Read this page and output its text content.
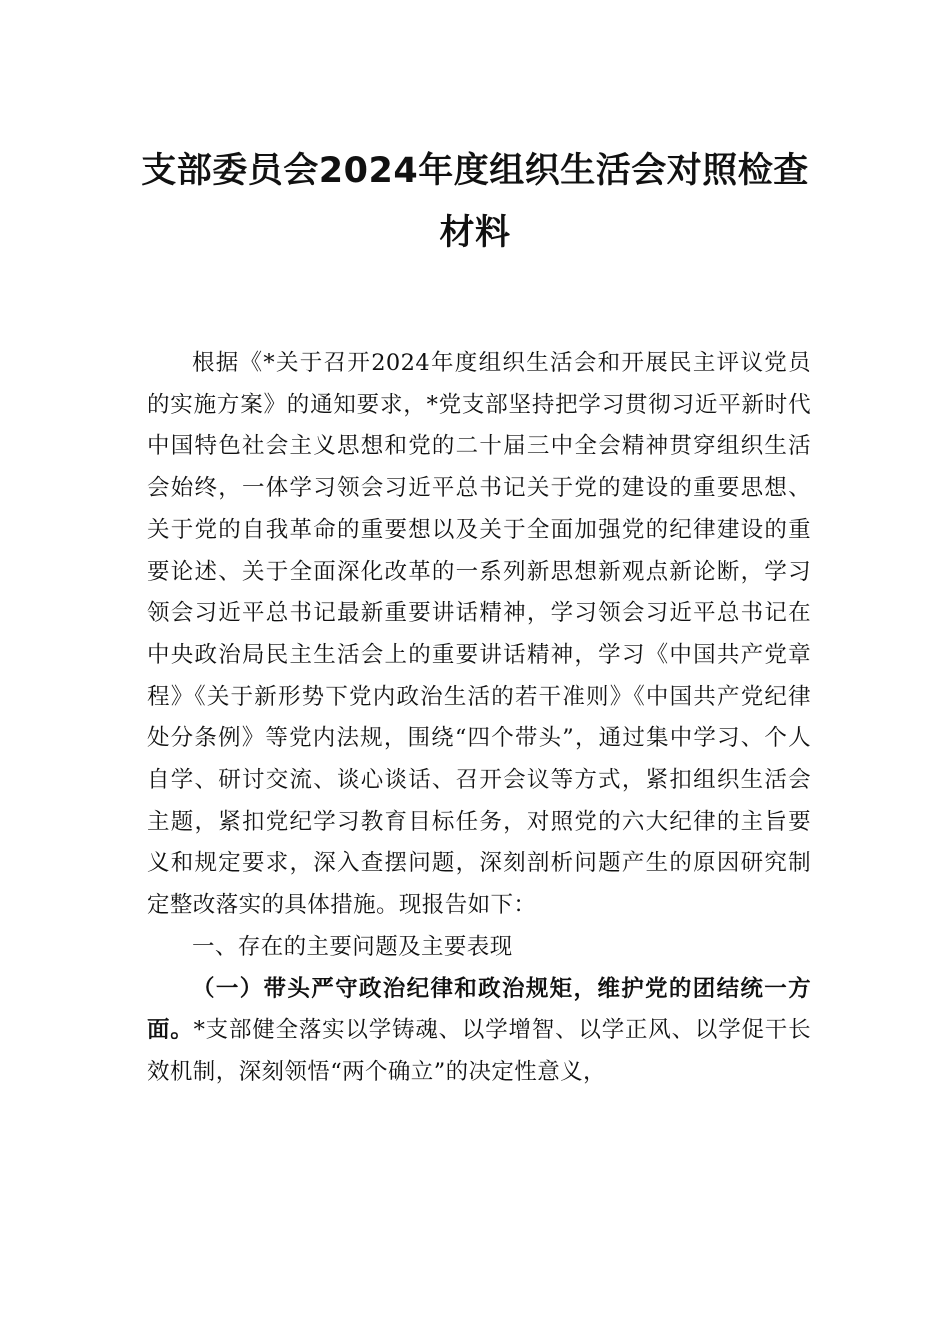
支部委员会2024年度组织生活会对照检查
材料

根据《*关于召开2024年度组织生活会和开展民主评议党员的实施方案》的通知要求，*党支部坚持把学习贯彻习近平新时代中国特色社会主义思想和党的二十届三中全会精神贯穿组织生活会始终，一体学习领会习近平总书记关于党的建设的重要思想、关于党的自我革命的重要想以及关于全面加强党的纪律建设的重要论述、关于全面深化改革的一系列新思想新观点新论断，学习领会习近平总书记最新重要讲话精神，学习领会习近平总书记在中央政治局民主生活会上的重要讲话精神，学习《中国共产党章程》《关于新形势下党内政治生活的若干准则》《中国共产党纪律处分条例》等党内法规，围绕“四个带头”，通过集中学习、个人自学、研讨交流、谈心谈话、召开会议等方式，紧扣组织生活会主题，紧扣党纪学习教育目标任务，对照党的六大纪律的主旨要义和规定要求，深入查摆问题，深刻剖析问题产生的原因研究制定整改落实的具体措施。现报告如下：

一、存在的主要问题及主要表现

（一）带头严守政治纪律和政治规矩，维护党的团结统一方面。*支部健全落实以学铸魂、以学增智、以学正风、以学促干长效机制，深刻领悟“两个确立”的决定性意义，
